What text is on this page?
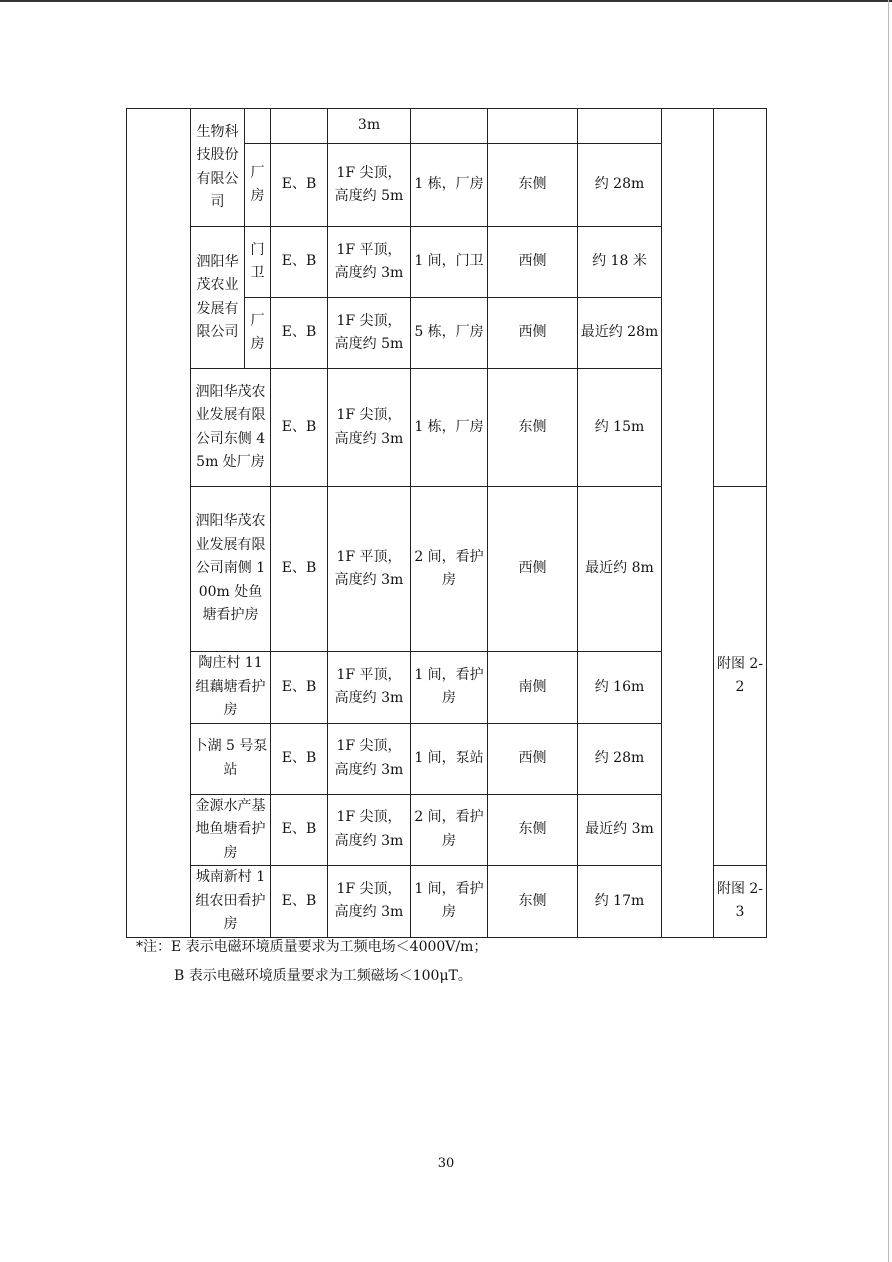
	生物科技股份有限公司			3m					
		厂房	E、B	1F 尖顶，高度约 5m	1 栋，厂房	东侧	约 28m		
	泗阳华茂农业发展有限公司	门卫	E、B	1F 平顶，高度约 3m	1 间，门卫	西侧	约 18 米		
		厂房	E、B	1F 尖顶，高度约 5m	5 栋，厂房	西侧	最近约 28m		
	泗阳华茂农业发展有限公司东侧 45m 处厂房		E、B	1F 尖顶，高度约 3m	1 栋，厂房	东侧	约 15m		
	泗阳华茂农业发展有限公司南侧 100m 处鱼塘看护房		E、B	1F 平顶，高度约 3m	2 间，看护房	西侧	最近约 8m		附图 2-2
	陶庄村 11 组藕塘看护房		E、B	1F 平顶，高度约 3m	1 间，看护房	南侧	约 16m		
	卜湖 5 号泵站		E、B	1F 尖顶，高度约 3m	1 间，泵站	西侧	约 28m		
	金源水产基地鱼塘看护房		E、B	1F 尖顶，高度约 3m	2 间，看护房	东侧	最近约 3m		
	城南新村 1 组农田看护房		E、B	1F 尖顶，高度约 3m	1 间，看护房	东侧	约 17m		附图 2-3
*注：E 表示电磁环境质量要求为工频电场＜4000V/m；
B 表示电磁环境质量要求为工频磁场＜100μT。
30
